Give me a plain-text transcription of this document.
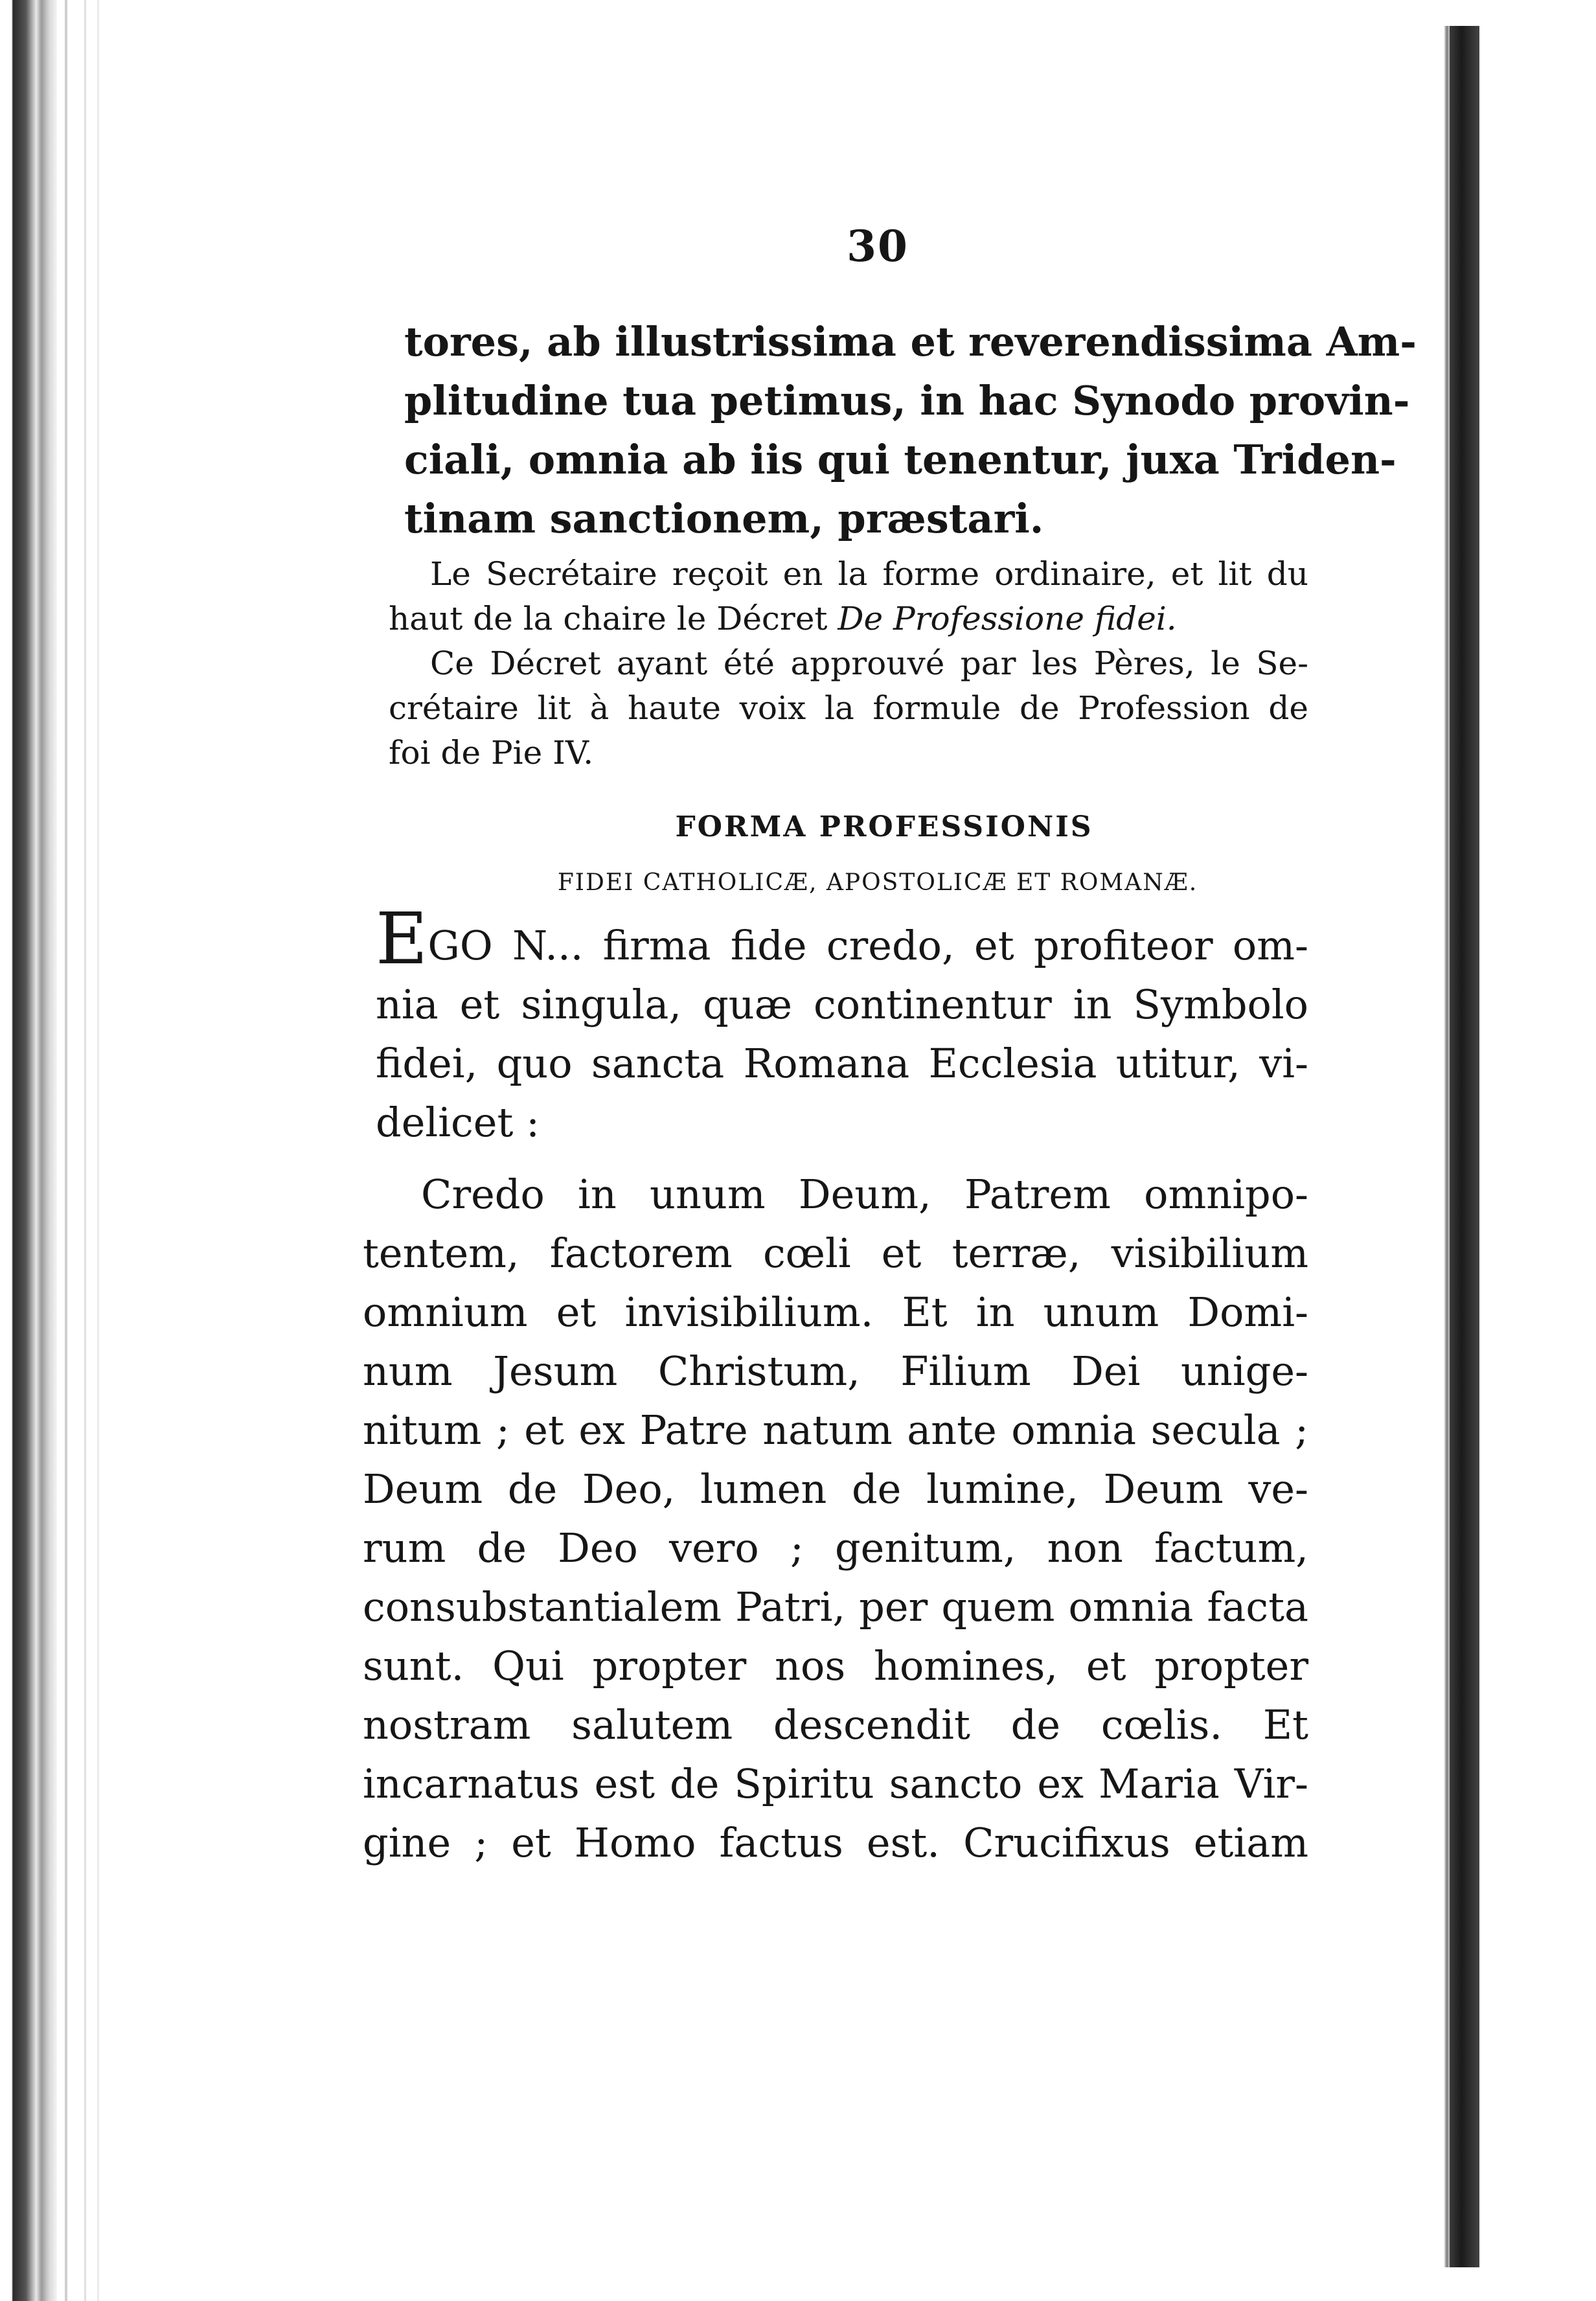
30
tores, ab illustrissima et reverendissima Am-
plitudine tua petimus, in hac Synodo provin-
ciali, omnia ab iis qui tenentur, juxa Triden-
tinam sanctionem, præstari.
Le Secrétaire reçoit en la forme ordinaire, et lit du
haut de la chaire le Décret De Professione fidei.
Ce Décret ayant été approuvé par les Pères, le Se-
crétaire lit à haute voix la formule de Profession de
foi de Pie IV.
FORMA PROFESSIONIS
FIDEI CATHOLICÆ, APOSTOLICÆ ET ROMANÆ.
EGO N... firma fide credo, et profiteor om-
nia et singula, quæ continentur in Symbolo
fidei, quo sancta Romana Ecclesia utitur, vi-
delicet :
Credo in unum Deum, Patrem omnipo-
tentem, factorem cœli et terræ, visibilium
omnium et invisibilium. Et in unum Domi-
num Jesum Christum, Filium Dei unige-
nitum ; et ex Patre natum ante omnia secula ;
Deum de Deo, lumen de lumine, Deum ve-
rum de Deo vero ; genitum, non factum,
consubstantialem Patri, per quem omnia facta
sunt. Qui propter nos homines, et propter
nostram salutem descendit de cœlis. Et
incarnatus est de Spiritu sancto ex Maria Vir-
gine ; et Homo factus est. Crucifixus etiam
